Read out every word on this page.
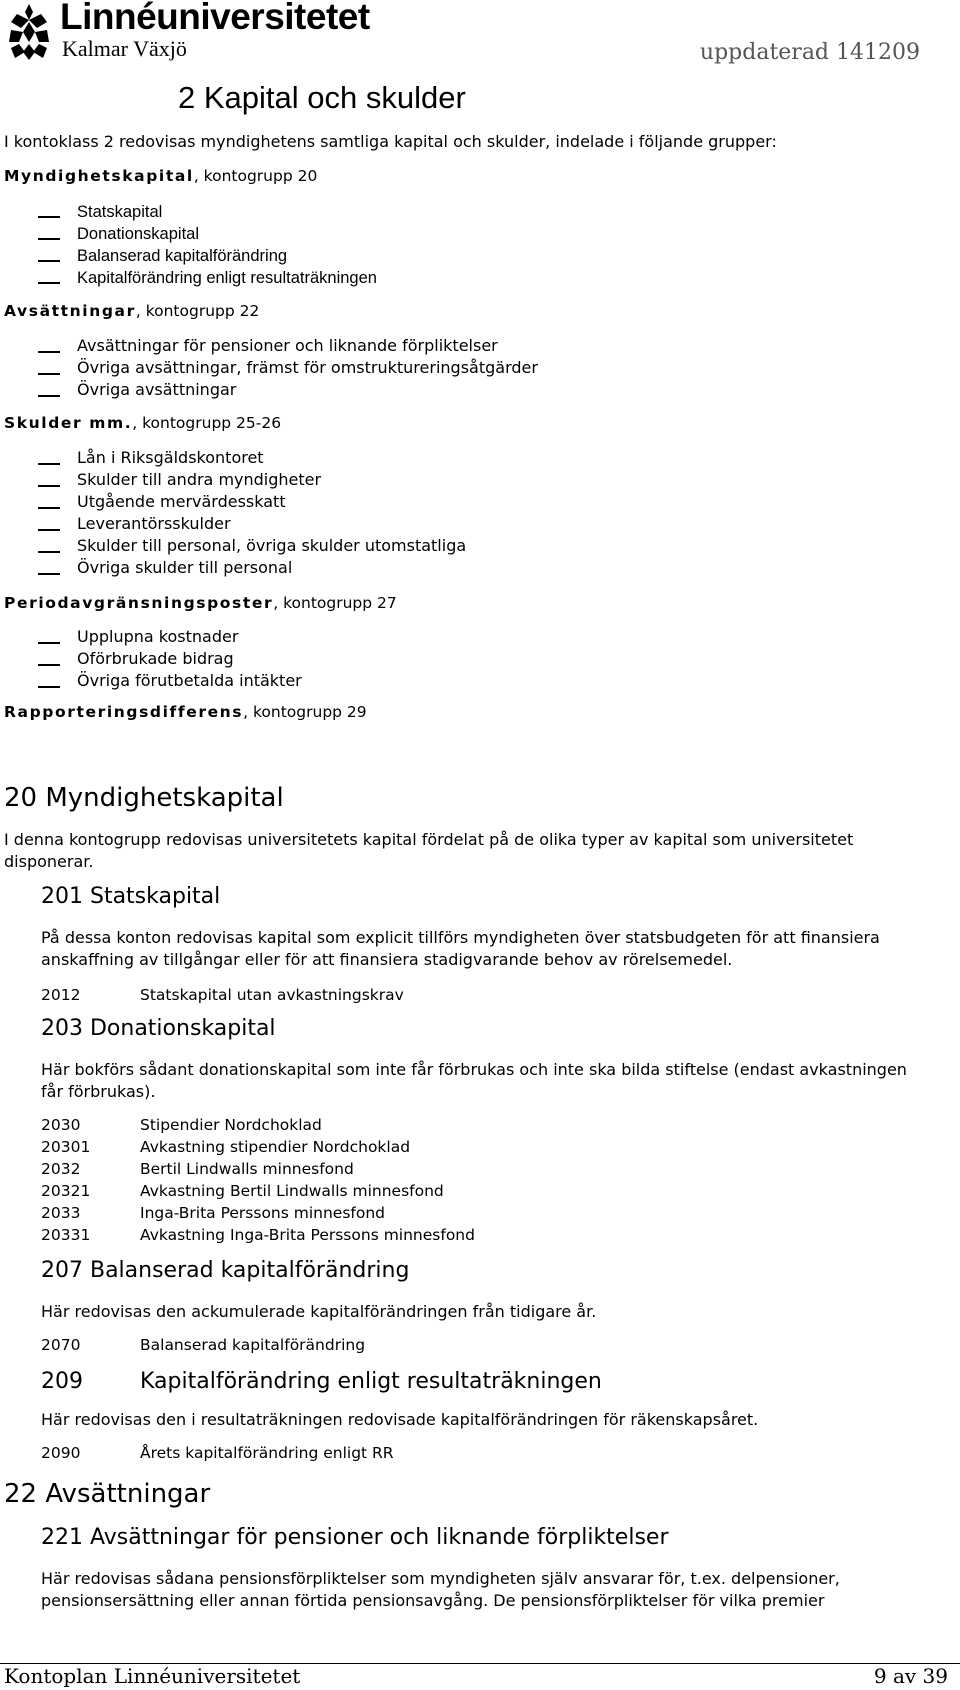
Linnéuniversitetet
Kalmar Växjö	uppdaterad 141209
2 Kapital och skulder
I kontoklass 2 redovisas myndighetens samtliga kapital och skulder, indelade i följande grupper:
Myndighetskapital, kontogrupp 20
Statskapital
Donationskapital
Balanserad kapitalförändring
Kapitalförändring enligt resultaträkningen
Avsättningar, kontogrupp 22
Avsättningar för pensioner och liknande förpliktelser
Övriga avsättningar, främst för omstruktureringsåtgärder
Övriga avsättningar
Skulder mm., kontogrupp 25-26
Lån i Riksgäldskontoret
Skulder till andra myndigheter
Utgående mervärdesskatt
Leverantörsskulder
Skulder till personal, övriga skulder utomstatliga
Övriga skulder till personal
Periodavgränsningsposter, kontogrupp 27
Upplupna kostnader
Oförbrukade bidrag
Övriga förutbetalda intäkter
Rapporteringsdifferens, kontogrupp 29
20 Myndighetskapital
I denna kontogrupp redovisas universitetets kapital fördelat på de olika typer av kapital som universitetet disponerar.
201 Statskapital
På dessa konton redovisas kapital som explicit tillförs myndigheten över statsbudgeten för att finansiera anskaffning av tillgångar eller för att finansiera stadigvarande behov av rörelsemedel.
2012	Statskapital utan avkastningskrav
203 Donationskapital
Här bokförs sådant donationskapital som inte får förbrukas och inte ska bilda stiftelse (endast avkastningen får förbrukas).
2030	Stipendier Nordchoklad
20301	Avkastning stipendier Nordchoklad
2032	Bertil Lindwalls minnesfond
20321	Avkastning Bertil Lindwalls minnesfond
2033	Inga-Brita Perssons minnesfond
20331	Avkastning Inga-Brita Perssons minnesfond
207 Balanserad kapitalförändring
Här redovisas den ackumulerade kapitalförändringen från tidigare år.
2070	Balanserad kapitalförändring
209	Kapitalförändring enligt resultaträkningen
Här redovisas den i resultaträkningen redovisade kapitalförändringen för räkenskapsåret.
2090	Årets kapitalförändring enligt RR
22 Avsättningar
221 Avsättningar för pensioner och liknande förpliktelser
Här redovisas sådana pensionsförpliktelser som myndigheten själv ansvarar för, t.ex. delpensioner, pensionsersättning eller annan förtida pensionsavgång. De pensionsförpliktelser för vilka premier
Kontoplan Linnéuniversitetet	9 av 39
